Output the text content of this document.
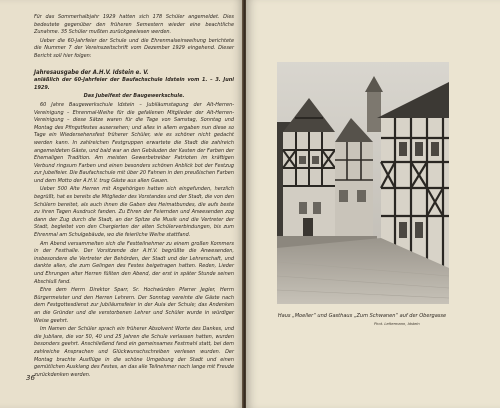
Für das Sommerhalbjahr 1929 hatten sich 178 Schüler angemeldet. Dies bedeutete gegenüber den früheren Semestern wieder eine beachtliche Zunahme. 35 Schüler mußten zurückgewiesen werden.

Ueber die 60-Jahrfeier der Schule und die Ehrenmalseinweihung berichtete die Nummer 7 der Vereinszeitschrift vom Dezember 1929 eingehend. Dieser Bericht soll hier folgen:

Jahresausgabe der A.H.V. Idstein e. V.

anläßlich der 60-Jahrfeier der Baufachschule Idstein vom 1. – 3. Juni 1929.

Das Jubelfest der Baugewerkschule.

60 Jahre Baugewerkschule Idstein – Jubiläumstagung der Alt-Herren-Vereinigung – Ehrenmal-Weihe für die gefallenen Mitglieder der Alt-Herren-Vereinigung – diese Sätze waren für die Tage von Samstag, Sonntag und Montag des Pfingstfestes ausersehen; und alles in allem ergaben nun diese so Tage ein Wiedersehensfest früherer Schüler, wie es schöner nicht gedacht werden kann. In zahlreichen Festgruppen erwartete die Stadt die zahlreich angemeldeten Gäste, und bald war an den Gebäuden der Kasten der Farben der Ehemaligen Tradition. Am meisten Gewerbetreiber Patrioten im kräftigen Verbund ringsum Farben und einen besonders schönen Anblick bot der Festzug zur Jubelfeier. Die Baufachschule mit über 20 Fahnen in den preußischen Farben und dem Motto der A.H.V. trug Gäste aus allen Gauen.

Ueber 500 Alte Herren mit Angehörigen hatten sich eingefunden, herzlich begrüßt, hat es bereits die Mitglieder des Vorstandes und der Stadt, die von den Schülern bereitet, als auch ihnen die Gaben des Heimatbundes, die aufs beste zu ihren Tagen Ausdruck fanden. Zu Ehren der Feiernden und Anwesenden zog dann der Zug durch die Stadt, an der Spitze die Musik und die Vertreter der Stadt, begleitet von den Chargierten der alten Schülerverbindungen, bis zum Ehrenmal am Schulgebäude, wo die feierliche Weihe stattfand.

Am Abend versammelten sich die Festteilnehmer zu einem großen Kommers in der Festhalle. Der Vorsitzende der A.H.V. begrüßte die Anwesenden, insbesondere die Vertreter der Behörden, der Stadt und der Lehrerschaft, und dankte allen, die zum Gelingen des Festes beigetragen hatten. Reden, Lieder und Ehrungen alter Herren füllten den Abend, der erst in später Stunde seinen Abschluß fand.

Ehre dem Herrn Direktor Sparr, Sr. Hochwürden Pfarrer Jegler, Herrn Bürgermeister und den Herren Lehrern. Der Sonntag vereinte die Gäste nach dem Festgottesdienst zur Jubiläumsfeier in der Aula der Schule; das Andenken an die Gründer und die verstorbenen Lehrer und Schüler wurde in würdiger Weise geehrt.

Im Namen der Schüler sprach ein früherer Absolvent Worte des Dankes, und die Jubilare, die vor 50, 40 und 25 Jahren die Schule verlassen hatten, wurden besonders geehrt. Anschließend fand ein gemeinsames Festmahl statt, bei dem zahlreiche Ansprachen und Glückwunschschreiben verlesen wurden. Der Montag brachte Ausflüge in die schöne Umgebung der Stadt und einen gemütlichen Ausklang des Festes, an das alle Teilnehmer noch lange mit Freude zurückdenken werden.

36
Haus „Moeller“ und Gasthaus „Zum Schwanen“ auf der Obergasse
Phot. Lettermann, Idstein
